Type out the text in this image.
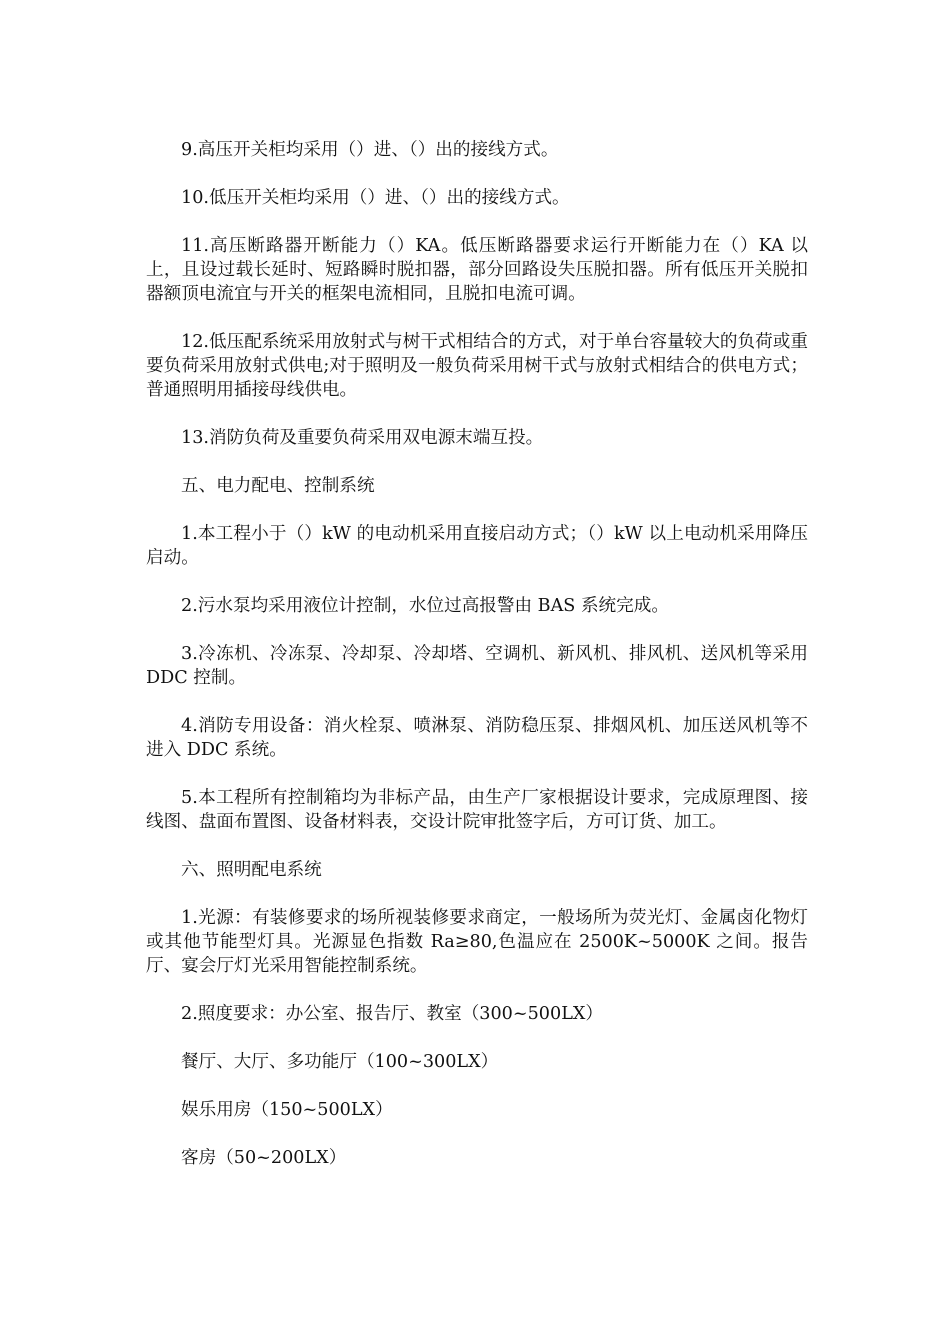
9.高压开关柜均采用（）进、（）出的接线方式。

10.低压开关柜均采用（）进、（）出的接线方式。

11.高压断路器开断能力（）KA。低压断路器要求运行开断能力在（）KA 以上，且设过载长延时、短路瞬时脱扣器，部分回路设失压脱扣器。所有低压开关脱扣器额顶电流宜与开关的框架电流相同，且脱扣电流可调。

12.低压配系统采用放射式与树干式相结合的方式，对于单台容量较大的负荷或重要负荷采用放射式供电;对于照明及一般负荷采用树干式与放射式相结合的供电方式；普通照明用插接母线供电。

13.消防负荷及重要负荷采用双电源末端互投。

五、电力配电、控制系统

1.本工程小于（）kW 的电动机采用直接启动方式；（）kW 以上电动机采用降压启动。

2.污水泵均采用液位计控制，水位过高报警由 BAS 系统完成。

3.冷冻机、冷冻泵、冷却泵、冷却塔、空调机、新风机、排风机、送风机等采用 DDC 控制。

4.消防专用设备：消火栓泵、喷淋泵、消防稳压泵、排烟风机、加压送风机等不进入 DDC 系统。

5.本工程所有控制箱均为非标产品，由生产厂家根据设计要求，完成原理图、接线图、盘面布置图、设备材料表，交设计院审批签字后，方可订货、加工。

六、照明配电系统

1.光源：有装修要求的场所视装修要求商定，一般场所为荧光灯、金属卤化物灯或其他节能型灯具。光源显色指数 Ra≥80,色温应在 2500K~5000K 之间。报告厅、宴会厅灯光采用智能控制系统。

2.照度要求：办公室、报告厅、教室（300~500LX）

餐厅、大厅、多功能厅（100~300LX）

娱乐用房（150~500LX）

客房（50~200LX）
